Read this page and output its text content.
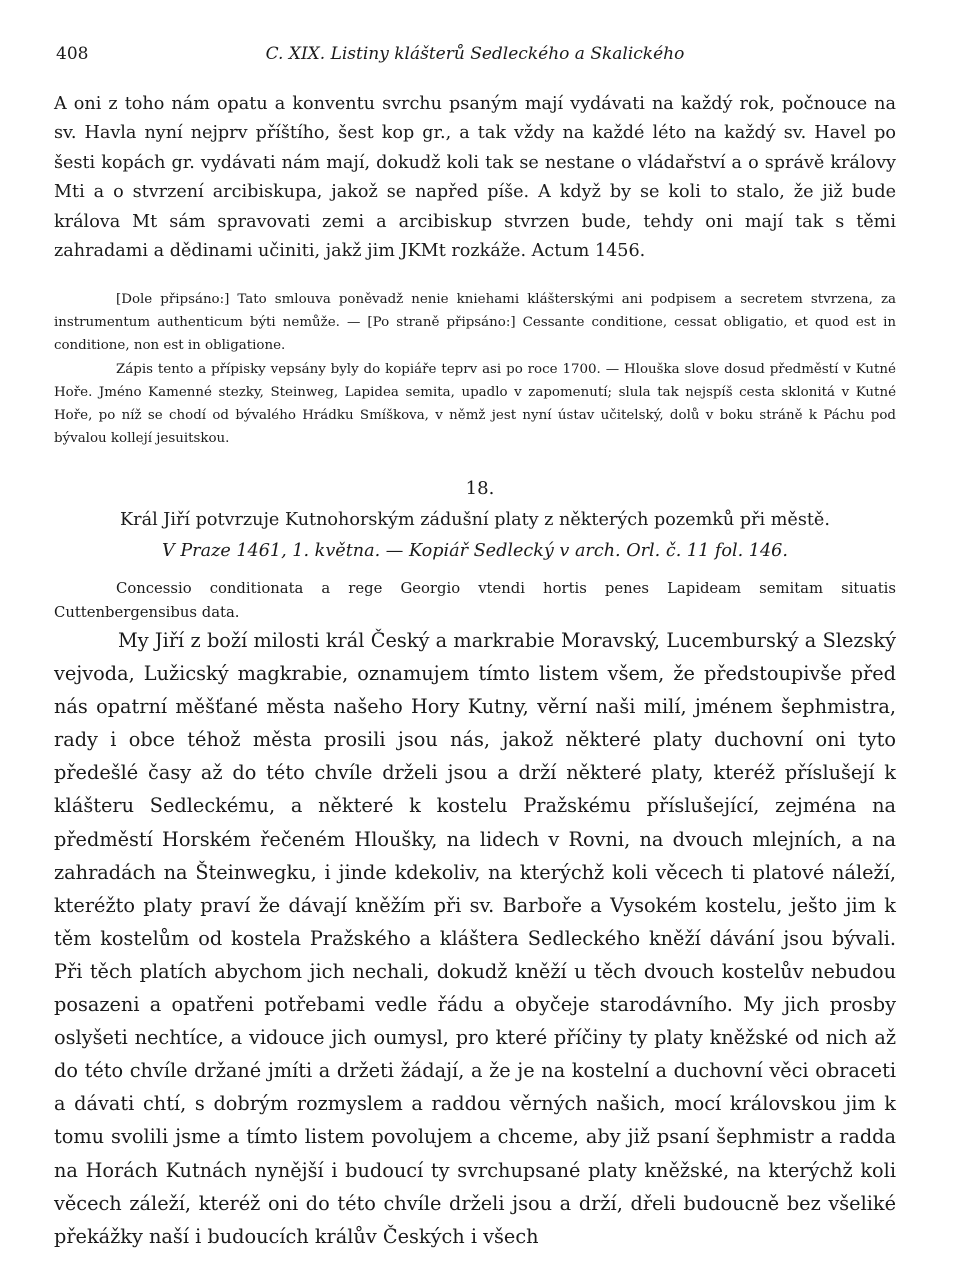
408	C. XIX. Listiny klášterů Sedleckého a Skalického

A oni z toho nám opatu a konventu svrchu psaným mají vydávati na každý rok, počnouce na sv. Havla nyní nejprv příštího, šest kop gr., a tak vždy na každé léto na každý sv. Havel po šesti kopách gr. vydávati nám mají, dokudž koli tak se nestane o vládařství a o správě královy Mti a o stvrzení arcibiskupa, jakož se napřed píše. A když by se koli to stalo, že již bude králova Mt sám spravovati zemi a arcibiskup stvrzen bude, tehdy oni mají tak s těmi zahradami a dědinami učiniti, jakž jim JKMt rozkáže. Actum 1456.

[Dole připsáno:] Tato smlouva poněvadž nenie kniehami klášterskými ani podpisem a secretem stvrzena, za instrumentum authenticum býti nemůže. — [Po straně připsáno:] Cessante conditione, cessat obligatio, et quod est in conditione, non est in obligatione.

Zápis tento a přípisky vepsány byly do kopiáře teprv asi po roce 1700. — Hlouška slove dosud předměstí v Kutné Hoře. Jméno Kamenné stezky, Steinweg, Lapidea semita, upadlo v zapomenutí; slula tak nejspíš cesta sklonitá v Kutné Hoře, po níž se chodí od bývalého Hrádku Smíškova, v němž jest nyní ústav učitelský, dolů v boku stráně k Páchu pod bývalou kollejí jesuitskou.

18.
Král Jiří potvrzuje Kutnohorským zádušní platy z některých pozemků při městě.
V Praze 1461, 1. května. — Kopiář Sedlecký v arch. Orl. č. 11 fol. 146.

Concessio conditionata a rege Georgio vtendi hortis penes Lapideam semitam situatis Cuttenbergensibus data.

My Jiří z boží milosti král Český a markrabie Moravský, Lucemburský a Slezský vejvoda, Lužicský magkrabie, oznamujem tímto listem všem, že předstoupivše před nás opatrní měšťané města našeho Hory Kutny, věrní naši milí, jménem šephmistra, rady i obce téhož města prosili jsou nás, jakož některé platy duchovní oni tyto předešlé časy až do této chvíle drželi jsou a drží některé platy, kteréž příslušejí k klášteru Sedleckému, a některé k kostelu Pražskému příslušející, zejména na předměstí Horském řečeném Hloušky, na lidech v Rovni, na dvouch mlejních, a na zahradách na Šteinwegku, i jinde kdekoliv, na kterýchž koli věcech ti platové náleží, kteréžto platy praví že dávají kněžím při sv. Barboře a Vysokém kostelu, ješto jim k těm kostelům od kostela Pražského a kláštera Sedleckého kněží dávání jsou bývali. Při těch platích abychom jich nechali, dokudž kněží u těch dvouch kostelův nebudou posazeni a opatřeni potřebami vedle řádu a obyčeje starodávního. My jich prosby oslyšeti nechtíce, a vidouce jich oumysl, pro které příčiny ty platy kněžské od nich až do této chvíle držané jmíti a držeti žádají, a že je na kostelní a duchovní věci obraceti a dávati chtí, s dobrým rozmyslem a raddou věrných našich, mocí královskou jim k tomu svolili jsme a tímto listem povolujem a chceme, aby již psaní šephmistr a radda na Horách Kutnách nynější i budoucí ty svrchupsané platy kněžské, na kterýchž koli věcech záleží, kteréž oni do této chvíle drželi jsou a drží, dřeli budoucně bez všeliké překážky naší i budoucích králův Českých i všech
